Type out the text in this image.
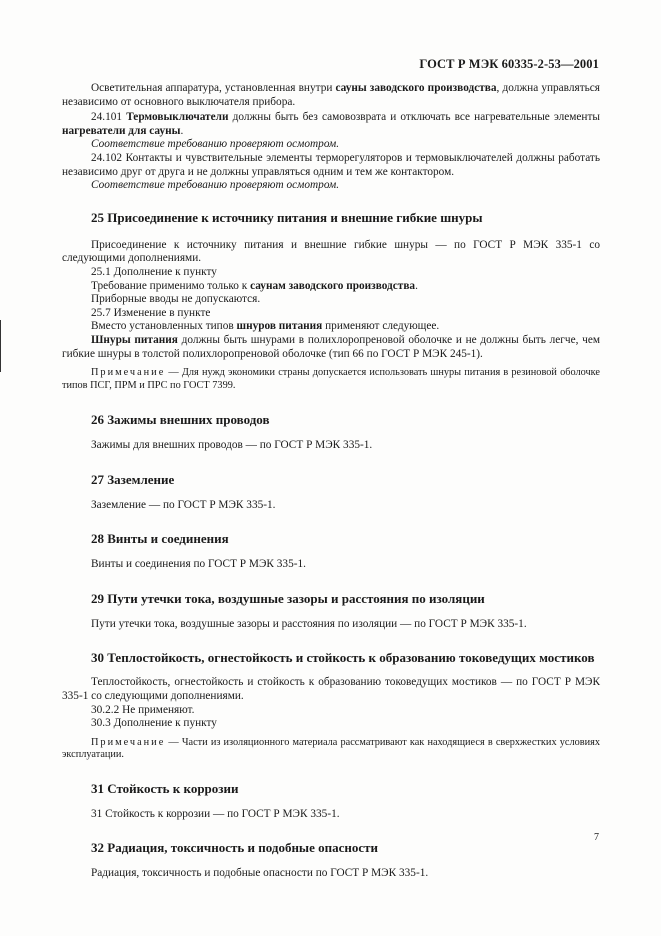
ГОСТ Р МЭК 60335-2-53—2001

Осветительная аппаратура, установленная внутри сауны заводского производства, должна управляться независимо от основного выключателя прибора.

24.101 Термовыключатели должны быть без самовозврата и отключать все нагревательные элементы нагреватели для сауны.

Соответствие требованию проверяют осмотром.

24.102 Контакты и чувствительные элементы терморегуляторов и термовыключателей должны работать независимо друг от друга и не должны управляться одним и тем же контактором.

Соответствие требованию проверяют осмотром.

25 Присоединение к источнику питания и внешние гибкие шнуры

Присоединение к источнику питания и внешние гибкие шнуры — по ГОСТ Р МЭК 335-1 со следующими дополнениями.

25.1 Дополнение к пункту

Требование применимо только к саунам заводского производства.

Приборные вводы не допускаются.

25.7 Изменение в пункте

Вместо установленных типов шнуров питания применяют следующее.

Шнуры питания должны быть шнурами в полихлоропреновой оболочке и не должны быть легче, чем гибкие шнуры в толстой полихлоропреновой оболочке (тип 66 по ГОСТ Р МЭК 245-1).

Примечание — Для нужд экономики страны допускается использовать шнуры питания в резиновой оболочке типов ПСГ, ПРМ и ПРС по ГОСТ 7399.

26 Зажимы внешних проводов

Зажимы для внешних проводов — по ГОСТ Р МЭК 335-1.

27 Заземление

Заземление — по ГОСТ Р МЭК 335-1.

28 Винты и соединения

Винты и соединения по ГОСТ Р МЭК 335-1.

29 Пути утечки тока, воздушные зазоры и расстояния по изоляции

Пути утечки тока, воздушные зазоры и расстояния по изоляции — по ГОСТ Р МЭК 335-1.

30 Теплостойкость, огнестойкость и стойкость к образованию токоведущих мостиков

Теплостойкость, огнестойкость и стойкость к образованию токоведущих мостиков — по ГОСТ Р МЭК 335-1 со следующими дополнениями.

30.2.2 Не применяют.

30.3 Дополнение к пункту

Примечание — Части из изоляционного материала рассматривают как находящиеся в сверхжестких условиях эксплуатации.

31 Стойкость к коррозии

31 Стойкость к коррозии — по ГОСТ Р МЭК 335-1.

32 Радиация, токсичность и подобные опасности

Радиация, токсичность и подобные опасности по ГОСТ Р МЭК 335-1.

7
